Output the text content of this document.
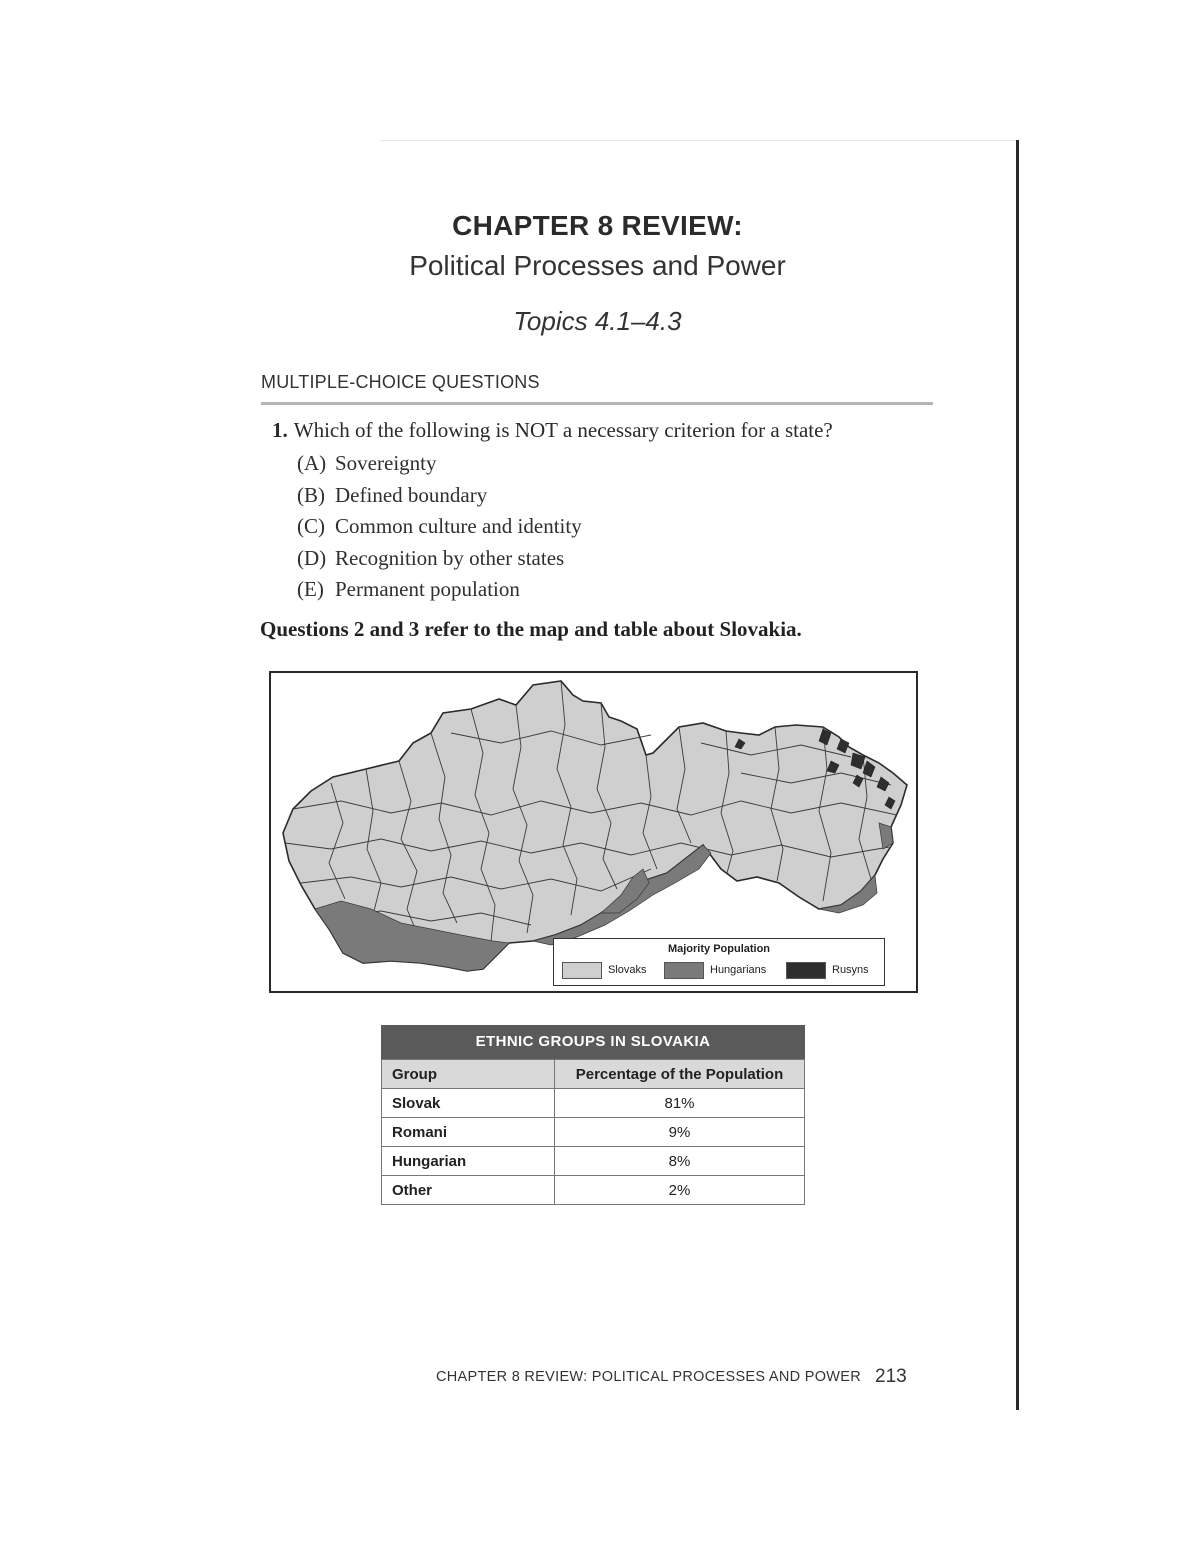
CHAPTER 8 REVIEW:
Political Processes and Power
Topics 4.1–4.3
MULTIPLE-CHOICE QUESTIONS
1. Which of the following is NOT a necessary criterion for a state?
(A) Sovereignty
(B) Defined boundary
(C) Common culture and identity
(D) Recognition by other states
(E) Permanent population
Questions 2 and 3 refer to the map and table about Slovakia.
Majority Population
Slovaks	Hungarians	Rusyns
ETHNIC GROUPS IN SLOVAKIA
Group	Percentage of the Population
Slovak	81%
Romani	9%
Hungarian	8%
Other	2%
CHAPTER 8 REVIEW: POLITICAL PROCESSES AND POWER 213
